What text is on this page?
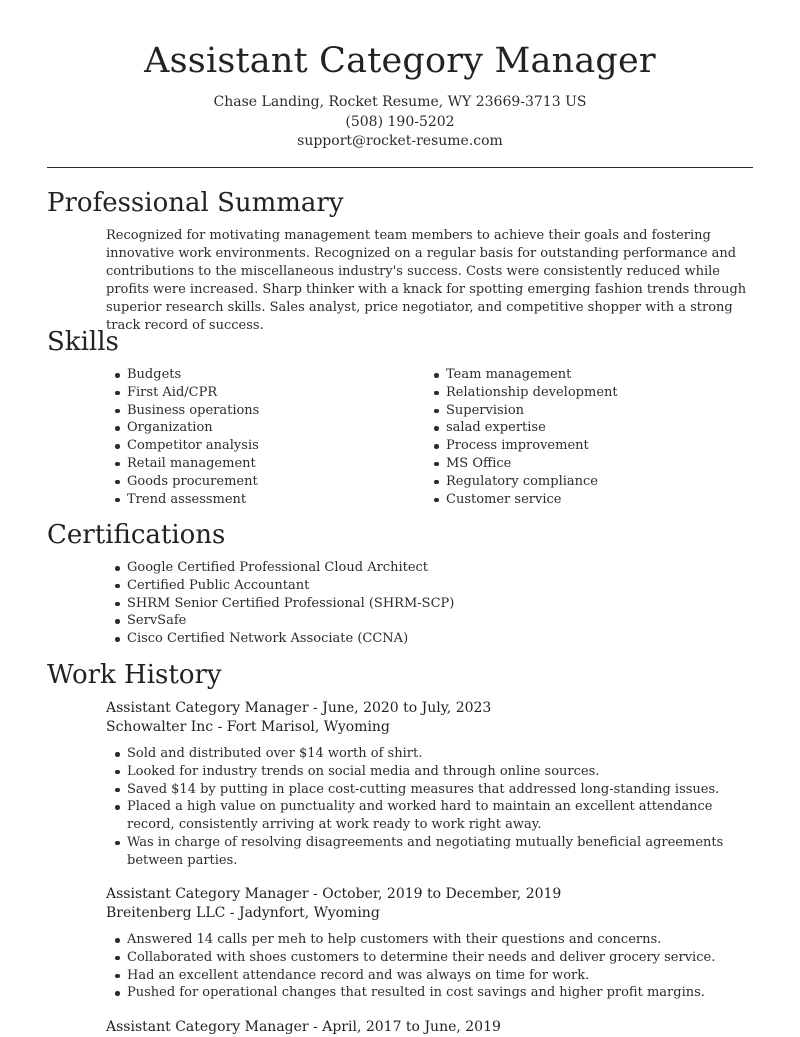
Assistant Category Manager
Chase Landing, Rocket Resume, WY 23669-3713 US
(508) 190-5202
support@rocket-resume.com
Professional Summary

Recognized for motivating management team members to achieve their goals and fostering innovative work environments. Recognized on a regular basis for outstanding performance and contributions to the miscellaneous industry's success. Costs were consistently reduced while profits were increased. Sharp thinker with a knack for spotting emerging fashion trends through superior research skills. Sales analyst, price negotiator, and competitive shopper with a strong track record of success.

Skills
Budgets
First Aid/CPR
Business operations
Organization
Competitor analysis
Retail management
Goods procurement
Trend assessment
Team management
Relationship development
Supervision
salad expertise
Process improvement
MS Office
Regulatory compliance
Customer service
Certifications
Google Certified Professional Cloud Architect
Certified Public Accountant
SHRM Senior Certified Professional (SHRM-SCP)
ServSafe
Cisco Certified Network Associate (CCNA)
Work History
Assistant Category Manager - June, 2020 to July, 2023
Schowalter Inc - Fort Marisol, Wyoming
Sold and distributed over $14 worth of shirt.
Looked for industry trends on social media and through online sources.
Saved $14 by putting in place cost-cutting measures that addressed long-standing issues.
Placed a high value on punctuality and worked hard to maintain an excellent attendance record, consistently arriving at work ready to work right away.
Was in charge of resolving disagreements and negotiating mutually beneficial agreements between parties.
Assistant Category Manager - October, 2019 to December, 2019
Breitenberg LLC - Jadynfort, Wyoming
Answered 14 calls per meh to help customers with their questions and concerns.
Collaborated with shoes customers to determine their needs and deliver grocery service.
Had an excellent attendance record and was always on time for work.
Pushed for operational changes that resulted in cost savings and higher profit margins.
Assistant Category Manager - April, 2017 to June, 2019
